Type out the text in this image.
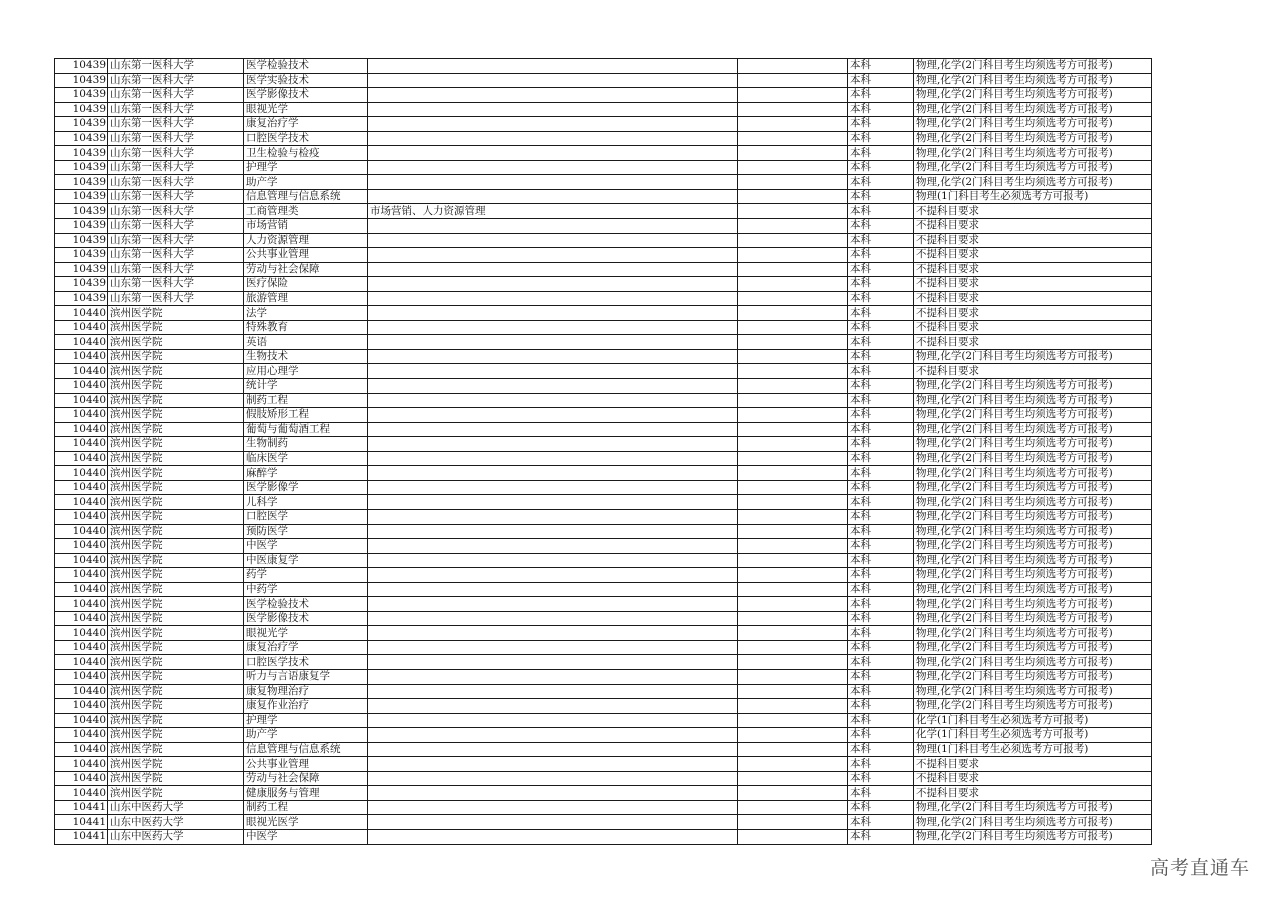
10439	山东第一医科大学	医学检验技术			本科	物理,化学(2门科目考生均须选考方可报考)
10439	山东第一医科大学	医学实验技术			本科	物理,化学(2门科目考生均须选考方可报考)
10439	山东第一医科大学	医学影像技术			本科	物理,化学(2门科目考生均须选考方可报考)
10439	山东第一医科大学	眼视光学			本科	物理,化学(2门科目考生均须选考方可报考)
10439	山东第一医科大学	康复治疗学			本科	物理,化学(2门科目考生均须选考方可报考)
10439	山东第一医科大学	口腔医学技术			本科	物理,化学(2门科目考生均须选考方可报考)
10439	山东第一医科大学	卫生检验与检疫			本科	物理,化学(2门科目考生均须选考方可报考)
10439	山东第一医科大学	护理学			本科	物理,化学(2门科目考生均须选考方可报考)
10439	山东第一医科大学	助产学			本科	物理,化学(2门科目考生均须选考方可报考)
10439	山东第一医科大学	信息管理与信息系统			本科	物理(1门科目考生必须选考方可报考)
10439	山东第一医科大学	工商管理类	市场营销、人力资源管理		本科	不提科目要求
10439	山东第一医科大学	市场营销			本科	不提科目要求
10439	山东第一医科大学	人力资源管理			本科	不提科目要求
10439	山东第一医科大学	公共事业管理			本科	不提科目要求
10439	山东第一医科大学	劳动与社会保障			本科	不提科目要求
10439	山东第一医科大学	医疗保险			本科	不提科目要求
10439	山东第一医科大学	旅游管理			本科	不提科目要求
10440	滨州医学院	法学			本科	不提科目要求
10440	滨州医学院	特殊教育			本科	不提科目要求
10440	滨州医学院	英语			本科	不提科目要求
10440	滨州医学院	生物技术			本科	物理,化学(2门科目考生均须选考方可报考)
10440	滨州医学院	应用心理学			本科	不提科目要求
10440	滨州医学院	统计学			本科	物理,化学(2门科目考生均须选考方可报考)
10440	滨州医学院	制药工程			本科	物理,化学(2门科目考生均须选考方可报考)
10440	滨州医学院	假肢矫形工程			本科	物理,化学(2门科目考生均须选考方可报考)
10440	滨州医学院	葡萄与葡萄酒工程			本科	物理,化学(2门科目考生均须选考方可报考)
10440	滨州医学院	生物制药			本科	物理,化学(2门科目考生均须选考方可报考)
10440	滨州医学院	临床医学			本科	物理,化学(2门科目考生均须选考方可报考)
10440	滨州医学院	麻醉学			本科	物理,化学(2门科目考生均须选考方可报考)
10440	滨州医学院	医学影像学			本科	物理,化学(2门科目考生均须选考方可报考)
10440	滨州医学院	儿科学			本科	物理,化学(2门科目考生均须选考方可报考)
10440	滨州医学院	口腔医学			本科	物理,化学(2门科目考生均须选考方可报考)
10440	滨州医学院	预防医学			本科	物理,化学(2门科目考生均须选考方可报考)
10440	滨州医学院	中医学			本科	物理,化学(2门科目考生均须选考方可报考)
10440	滨州医学院	中医康复学			本科	物理,化学(2门科目考生均须选考方可报考)
10440	滨州医学院	药学			本科	物理,化学(2门科目考生均须选考方可报考)
10440	滨州医学院	中药学			本科	物理,化学(2门科目考生均须选考方可报考)
10440	滨州医学院	医学检验技术			本科	物理,化学(2门科目考生均须选考方可报考)
10440	滨州医学院	医学影像技术			本科	物理,化学(2门科目考生均须选考方可报考)
10440	滨州医学院	眼视光学			本科	物理,化学(2门科目考生均须选考方可报考)
10440	滨州医学院	康复治疗学			本科	物理,化学(2门科目考生均须选考方可报考)
10440	滨州医学院	口腔医学技术			本科	物理,化学(2门科目考生均须选考方可报考)
10440	滨州医学院	听力与言语康复学			本科	物理,化学(2门科目考生均须选考方可报考)
10440	滨州医学院	康复物理治疗			本科	物理,化学(2门科目考生均须选考方可报考)
10440	滨州医学院	康复作业治疗			本科	物理,化学(2门科目考生均须选考方可报考)
10440	滨州医学院	护理学			本科	化学(1门科目考生必须选考方可报考)
10440	滨州医学院	助产学			本科	化学(1门科目考生必须选考方可报考)
10440	滨州医学院	信息管理与信息系统			本科	物理(1门科目考生必须选考方可报考)
10440	滨州医学院	公共事业管理			本科	不提科目要求
10440	滨州医学院	劳动与社会保障			本科	不提科目要求
10440	滨州医学院	健康服务与管理			本科	不提科目要求
10441	山东中医药大学	制药工程			本科	物理,化学(2门科目考生均须选考方可报考)
10441	山东中医药大学	眼视光医学			本科	物理,化学(2门科目考生均须选考方可报考)
10441	山东中医药大学	中医学			本科	物理,化学(2门科目考生均须选考方可报考)
高考直通车
